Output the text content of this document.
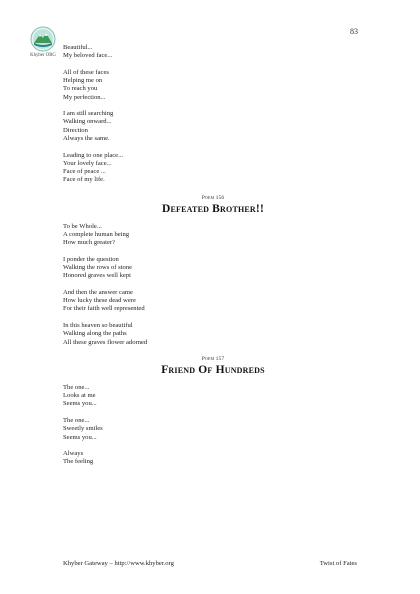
83
Khyber ORG
Beautiful...
My beloved face...
All of these faces
Helping me on
To reach you
My perfection...
I am still searching
Walking onward...
Direction
Always the same.
Leading to one place...
Your lovely face...
Face of peace ...
Face of my life.
Poem 156
Defeated Brother!!
To be Whole...
A complete human being
How much greater?
I ponder the question
Walking the rows of stone
Honored graves well kept
And then the answer came
How lucky these dead were
For their faith well represented
In this heaven so beautiful
Walking along the paths
All these graves flower adorned
Poem 157
Friend Of Hundreds
The one...
Looks at me
Seems you...
The one...
Sweetly smiles
Seems you...
Always
The feeling
Khyber Gateway – http://www.khyber.org	Twist of Fates
